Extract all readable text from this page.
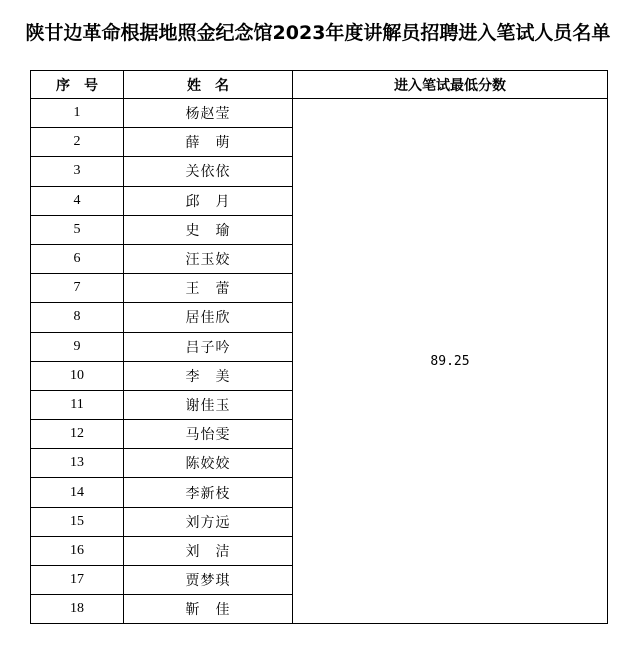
陕甘边革命根据地照金纪念馆2023年度讲解员招聘进入笔试人员名单
序　号	姓　名	进入笔试最低分数
1	杨赵莹	89.25
2	薛　萌	
3	关依依	
4	邱　月	
5	史　瑜	
6	汪玉姣	
7	王　蕾	
8	居佳欣	
9	吕子吟	
10	李　美	
11	谢佳玉	
12	马怡雯	
13	陈姣姣	
14	李新枝	
15	刘方远	
16	刘　洁	
17	贾梦琪	
18	靳　佳	
